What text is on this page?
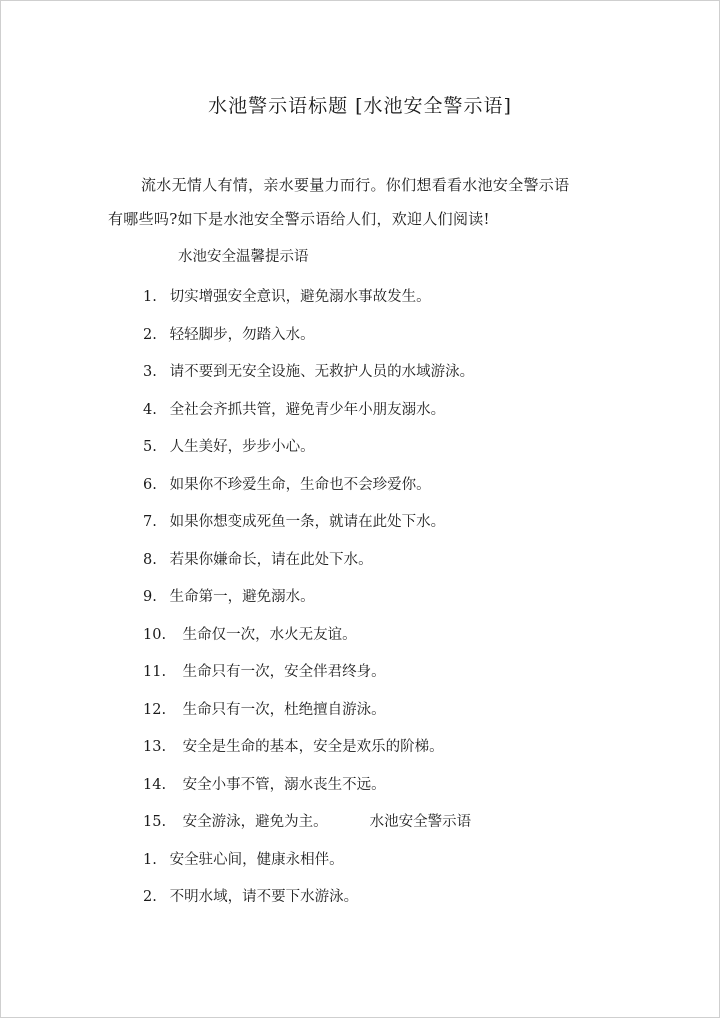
水池警示语标题 [水池安全警示语]
流水无情人有情，亲水要量力而行。你们想看看水池安全警示语
有哪些吗?如下是水池安全警示语给人们，欢迎人们阅读!
水池安全温馨提示语
1. 切实增强安全意识，避免溺水事故发生。
2. 轻轻脚步，勿踏入水。
3. 请不要到无安全设施、无救护人员的水域游泳。
4. 全社会齐抓共管，避免青少年小朋友溺水。
5. 人生美好，步步小心。
6. 如果你不珍爱生命，生命也不会珍爱你。
7. 如果你想变成死鱼一条，就请在此处下水。
8. 若果你嫌命长，请在此处下水。
9. 生命第一，避免溺水。
10. 生命仅一次，水火无友谊。
11. 生命只有一次，安全伴君终身。
12. 生命只有一次，杜绝擅自游泳。
13. 安全是生命的基本，安全是欢乐的阶梯。
14. 安全小事不管，溺水丧生不远。
15. 安全游泳，避免为主。	水池安全警示语
1. 安全驻心间，健康永相伴。
2. 不明水域，请不要下水游泳。
